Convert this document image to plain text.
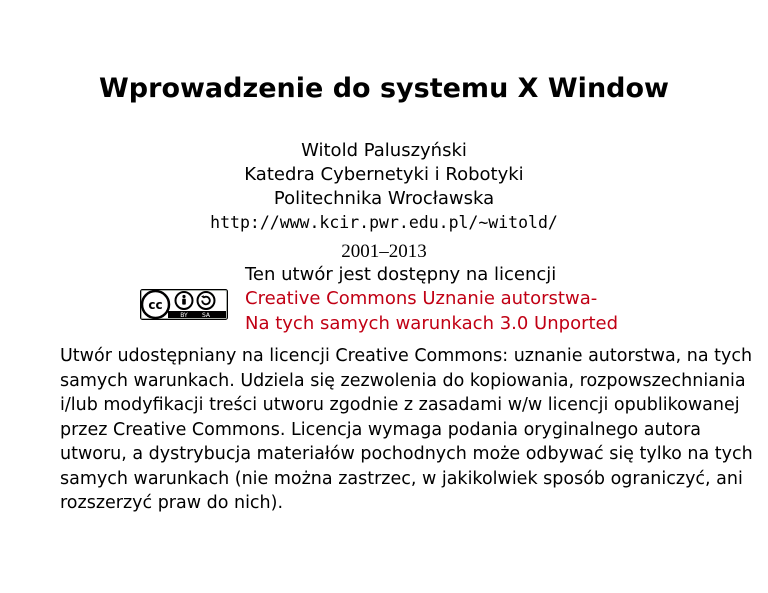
Wprowadzenie do systemu X Window
Witold Paluszyński
Katedra Cybernetyki i Robotyki
Politechnika Wrocławska
http://www.kcir.pwr.edu.pl/~witold/
2001–2013
Ten utwór jest dostępny na licencji
cc
BY SA
Creative Commons Uznanie autorstwa-
Na tych samych warunkach 3.0 Unported
Utwór udostępniany na licencji Creative Commons: uznanie autorstwa, na tych
samych warunkach. Udziela się zezwolenia do kopiowania, rozpowszechniania
i/lub modyfikacji treści utworu zgodnie z zasadami w/w licencji opublikowanej
przez Creative Commons. Licencja wymaga podania oryginalnego autora
utworu, a dystrybucja materiałów pochodnych może odbywać się tylko na tych
samych warunkach (nie można zastrzec, w jakikolwiek sposób ograniczyć, ani
rozszerzyć praw do nich).
